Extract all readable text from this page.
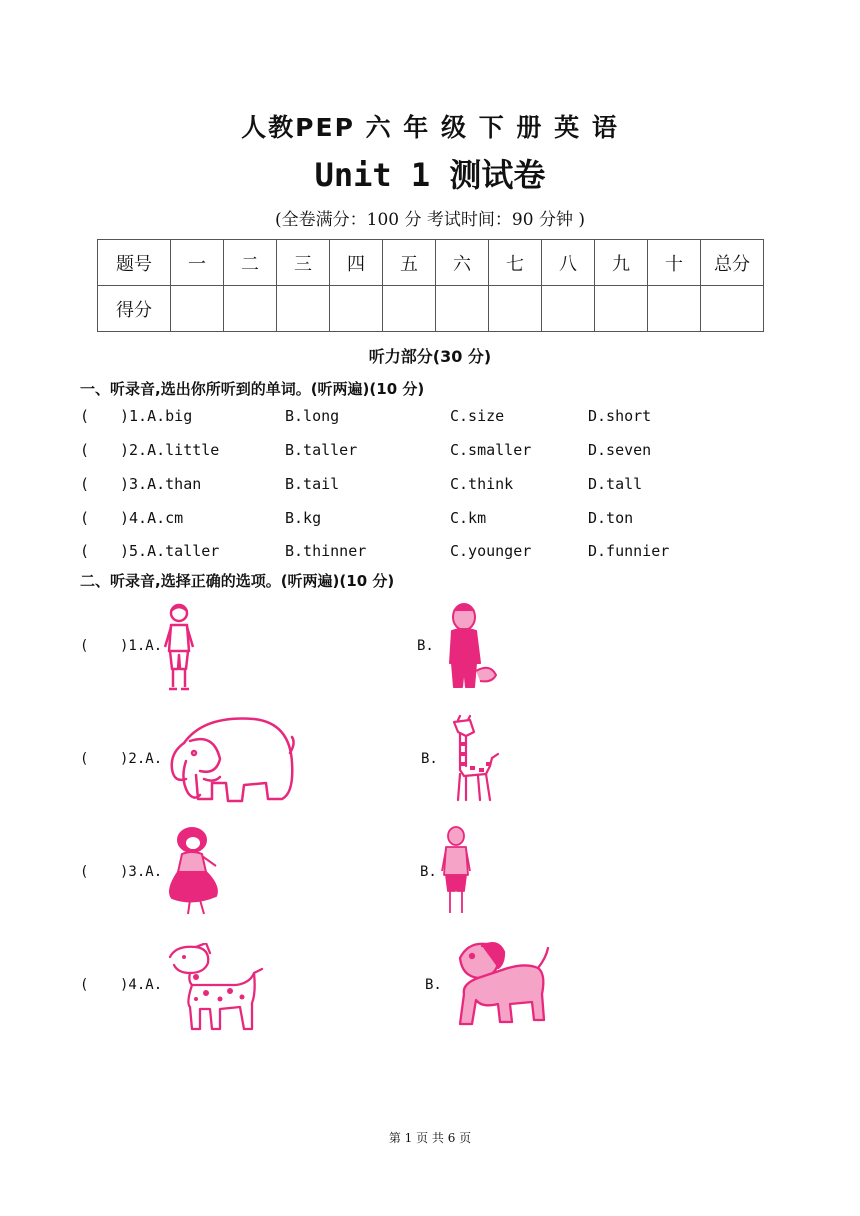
人教PEP 六 年 级 下 册 英 语
Unit 1 测试卷
(全卷满分：100 分 考试时间：90 分钟 )
题号	一	二	三	四	五	六	七	八	九	十	总分
得分											
听力部分(30 分)
一、听录音,选出你所听到的单词。(听两遍)(10 分)
( )1.A.big	B.long	C.size	D.short
( )2.A.little	B.taller	C.smaller	D.seven
( )3.A.than	B.tail	C.think	D.tall
( )4.A.cm	B.kg	C.km	D.ton
( )5.A.taller	B.thinner	C.younger	D.funnier
二、听录音,选择正确的选项。(听两遍)(10 分)
( )1.A.	B.
( )2.A.	B.
( )3.A.	B.
( )4.A.	B.
第 1 页 共 6 页
